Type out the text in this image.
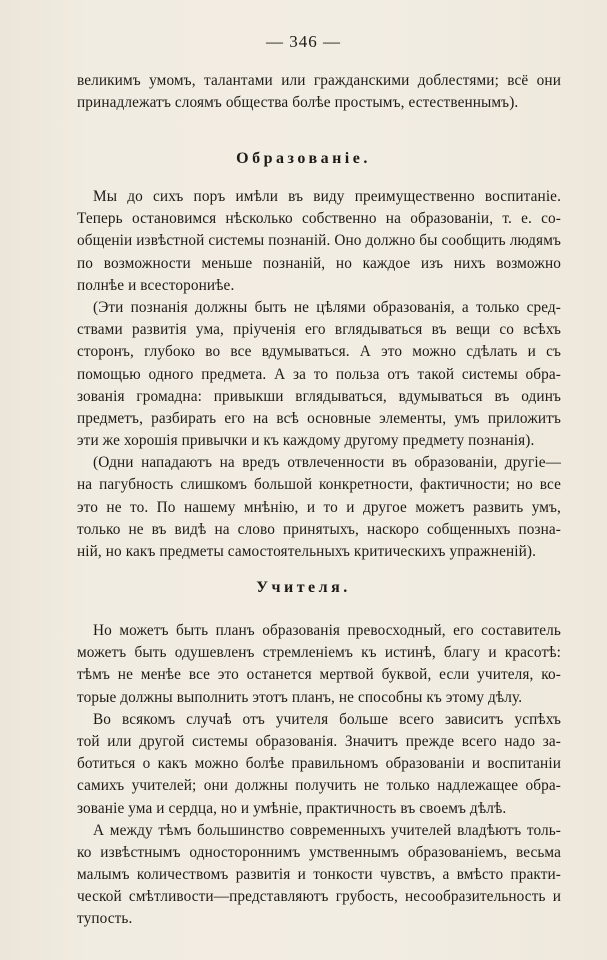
— 346 —
великимъ умомъ, талантами или гражданскими доблестями; всё они
принадлежатъ слоямъ общества болѣе простымъ, естественнымъ).
Образованіе.
Мы до сихъ поръ имѣли въ виду преимущественно воспитаніе.
Теперь остановимся нѣсколько собственно на образованіи, т. е. со-
общеніи извѣстной системы познаній. Оно должно бы сообщить людямъ
по возможности меньше познаній, но каждое изъ нихъ возможно
полнѣе и всесторониѣе.
(Эти познанія должны быть не цѣлями образованія, а только сред-
ствами развитія ума, пріученія его вглядываться въ вещи со всѣхъ
сторонъ, глубоко во все вдумываться. А это можно сдѣлать и съ
помощью одного предмета. А за то польза отъ такой системы обра-
зованія громадна: привыкши вглядываться, вдумываться въ одинъ
предметъ, разбирать его на всѣ основные элементы, умъ приложитъ
эти же хорошія привычки и къ каждому другому предмету познанія).
(Одни нападаютъ на вредъ отвлеченности въ образованіи, другіе—
на пагубность слишкомъ большой конкретности, фактичности; но все
это не то. По нашему мнѣнію, и то и другое можетъ развить умъ,
только не въ видѣ на слово принятыхъ, наскоро собщенныхъ позна-
ній, но какъ предметы самостоятельныхъ критическихъ упражненій).
Учителя.
Но можетъ быть планъ образованія превосходный, его составитель
можетъ быть одушевленъ стремленіемъ къ истинѣ, благу и красотѣ:
тѣмъ не менѣе все это останется мертвой буквой, если учителя, ко-
торые должны выполнить этотъ планъ, не способны къ этому дѣлу.
Во всякомъ случаѣ отъ учителя больше всего зависитъ успѣхъ
той или другой системы образованія. Значитъ прежде всего надо за-
ботиться о какъ можно болѣе правильномъ образованіи и воспитаніи
самихъ учителей; они должны получить не только надлежащее обра-
зованіе ума и сердца, но и умѣніе, практичность въ своемъ дѣлѣ.
А между тѣмъ большинство современныхъ учителей владѣютъ толь-
ко извѣстнымъ одностороннимъ умственнымъ образованіемъ, весьма
малымъ количествомъ развитія и тонкости чувствъ, а вмѣсто практи-
ческой смѣтливости—представляютъ грубость, несообразительность и
тупость.
